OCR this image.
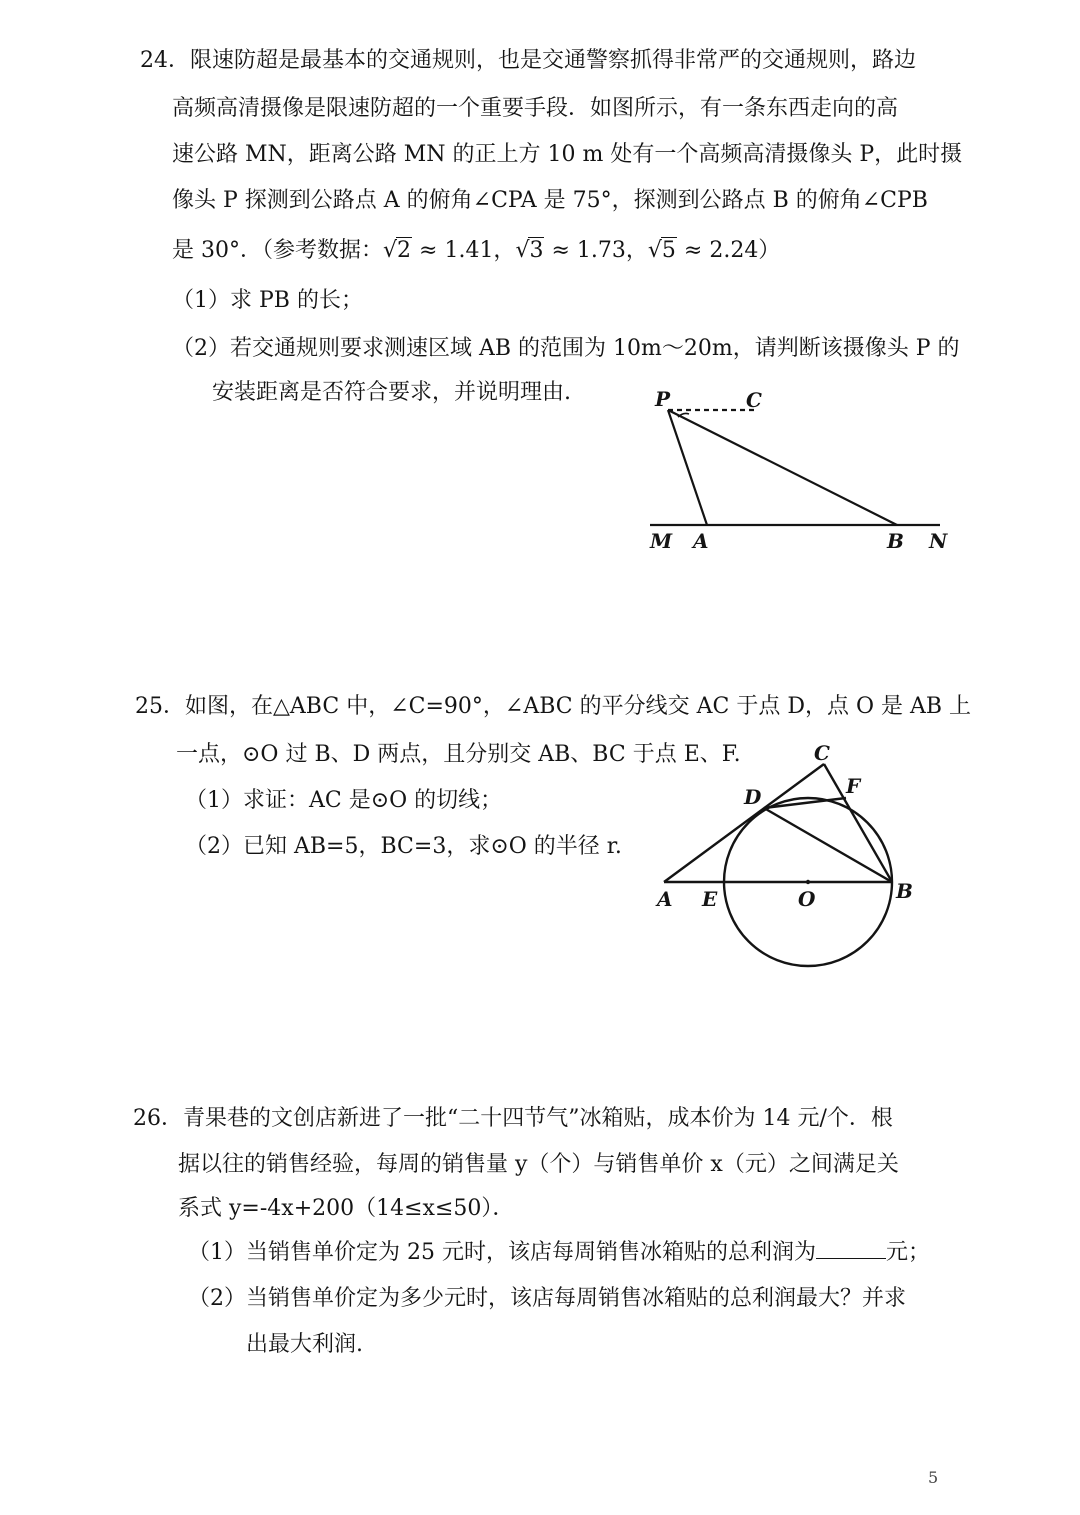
24．限速防超是最基本的交通规则，也是交通警察抓得非常严的交通规则，路边
高频高清摄像是限速防超的一个重要手段．如图所示，有一条东西走向的高
速公路 MN，距离公路 MN 的正上方 10 m 处有一个高频高清摄像头 P，此时摄
像头 P 探测到公路点 A 的俯角∠CPA 是 75°，探测到公路点 B 的俯角∠CPB
是 30°．（参考数据：√2 ≈ 1.41，√3 ≈ 1.73，√5 ≈ 2.24）
（1）求 PB 的长；
（2）若交通规则要求测速区域 AB 的范围为 10m～20m，请判断该摄像头 P 的
安装距离是否符合要求，并说明理由.	P	C
M A	B N
25．如图，在△ABC 中，∠C=90°，∠ABC 的平分线交 AC 于点 D，点 O 是 AB 上
一点，⊙O 过 B、D 两点，且分别交 AB、BC 于点 E、F.
（1）求证：AC 是⊙O 的切线；
（2）已知 AB=5，BC=3，求⊙O 的半径 r.
C
F
D
A E	O	B
26．青果巷的文创店新进了一批“二十四节气”冰箱贴，成本价为 14 元/个．根
据以往的销售经验，每周的销售量 y（个）与销售单价 x（元）之间满足关
系式 y=-4x+200（14≤x≤50）．
（1）当销售单价定为 25 元时，该店每周销售冰箱贴的总利润为	元；
（2）当销售单价定为多少元时，该店每周销售冰箱贴的总利润最大？并求
出最大利润.
5
